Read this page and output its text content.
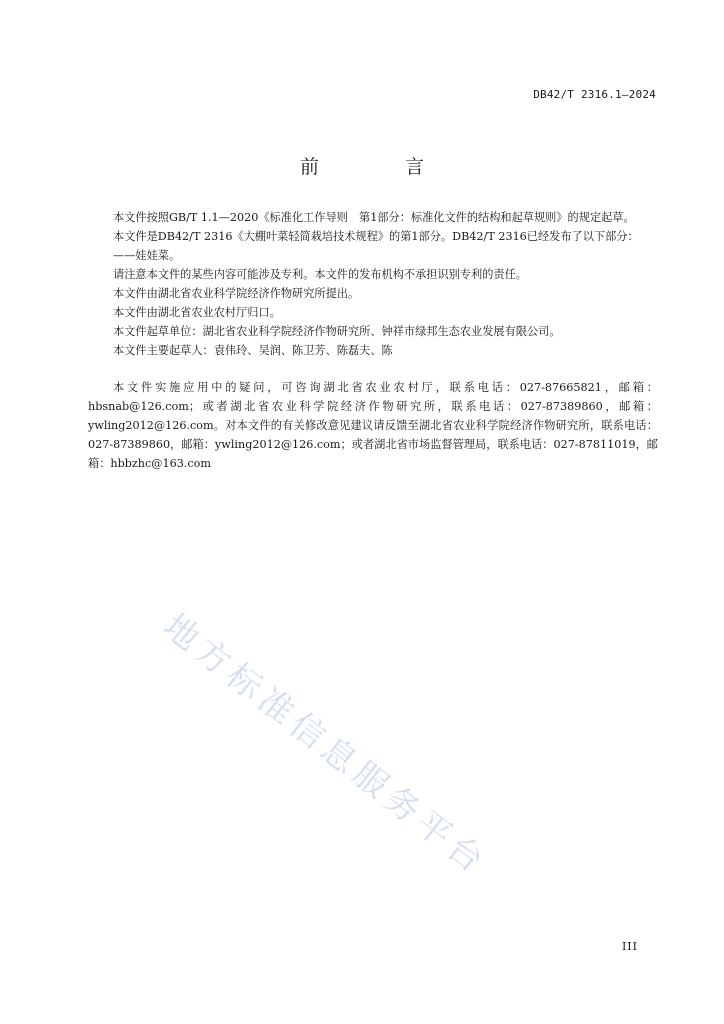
DB42/T 2316.1—2024
前 言

本文件按照GB/T 1.1—2020《标准化工作导则　第1部分：标准化文件的结构和起草规则》的规定起草。

本文件是DB42/T 2316《大棚叶菜轻简栽培技术规程》的第1部分。DB42/T 2316已经发布了以下部分：

——娃娃菜。

请注意本文件的某些内容可能涉及专利。本文件的发布机构不承担识别专利的责任。

本文件由湖北省农业科学院经济作物研究所提出。

本文件由湖北省农业农村厅归口。

本文件起草单位：湖北省农业科学院经济作物研究所、钟祥市绿邦生态农业发展有限公司。

本文件主要起草人：袁伟玲、吴润、陈卫芳、陈磊夫、陈

本文件实施应用中的疑问，可咨询湖北省农业农村厅，联系电话：027-87665821，邮箱：hbsnab@126.com；或者湖北省农业科学院经济作物研究所，联系电话：027-87389860，邮箱：ywling2012@126.com。对本文件的有关修改意见建议请反馈至湖北省农业科学院经济作物研究所，联系电话：027-87389860，邮箱：ywling2012@126.com；或者湖北省市场监督管理局，联系电话：027-87811019，邮箱：hbbzhc@163.com

地方标准信息服务平台
III
